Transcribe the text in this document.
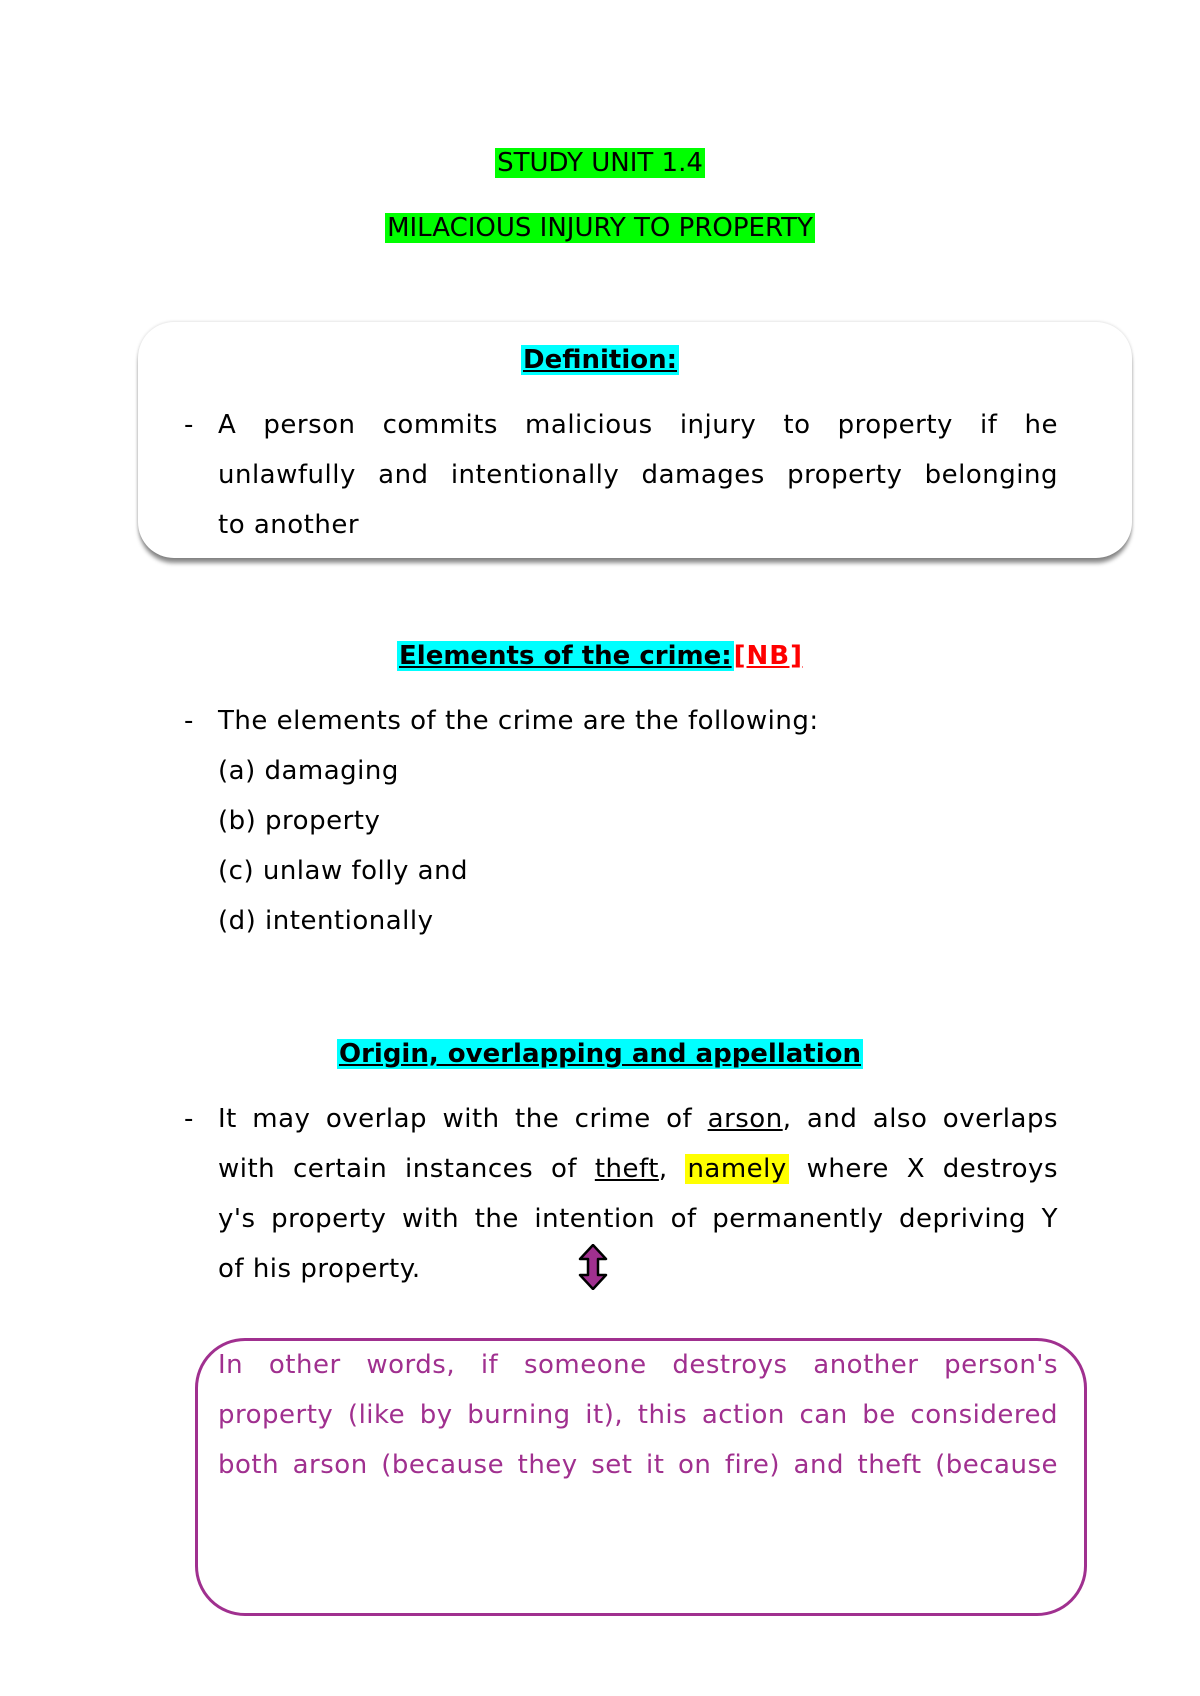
STUDY UNIT 1.4
MILACIOUS INJURY TO PROPERTY
Definition:
- A person commits malicious injury to property if he
unlawfully and intentionally damages property belonging
to another
Elements of the crime:[NB]
- The elements of the crime are the following:
(a) damaging
(b) property
(c) unlaw folly and
(d) intentionally
Origin, overlapping and appellation
- It may overlap with the crime of arson, and also overlaps
with certain instances of theft, namely where X destroys
y's property with the intention of permanently depriving Y
of his property.
In other words, if someone destroys another person's
property (like by burning it), this action can be considered
both arson (because they set it on fire) and theft (because
